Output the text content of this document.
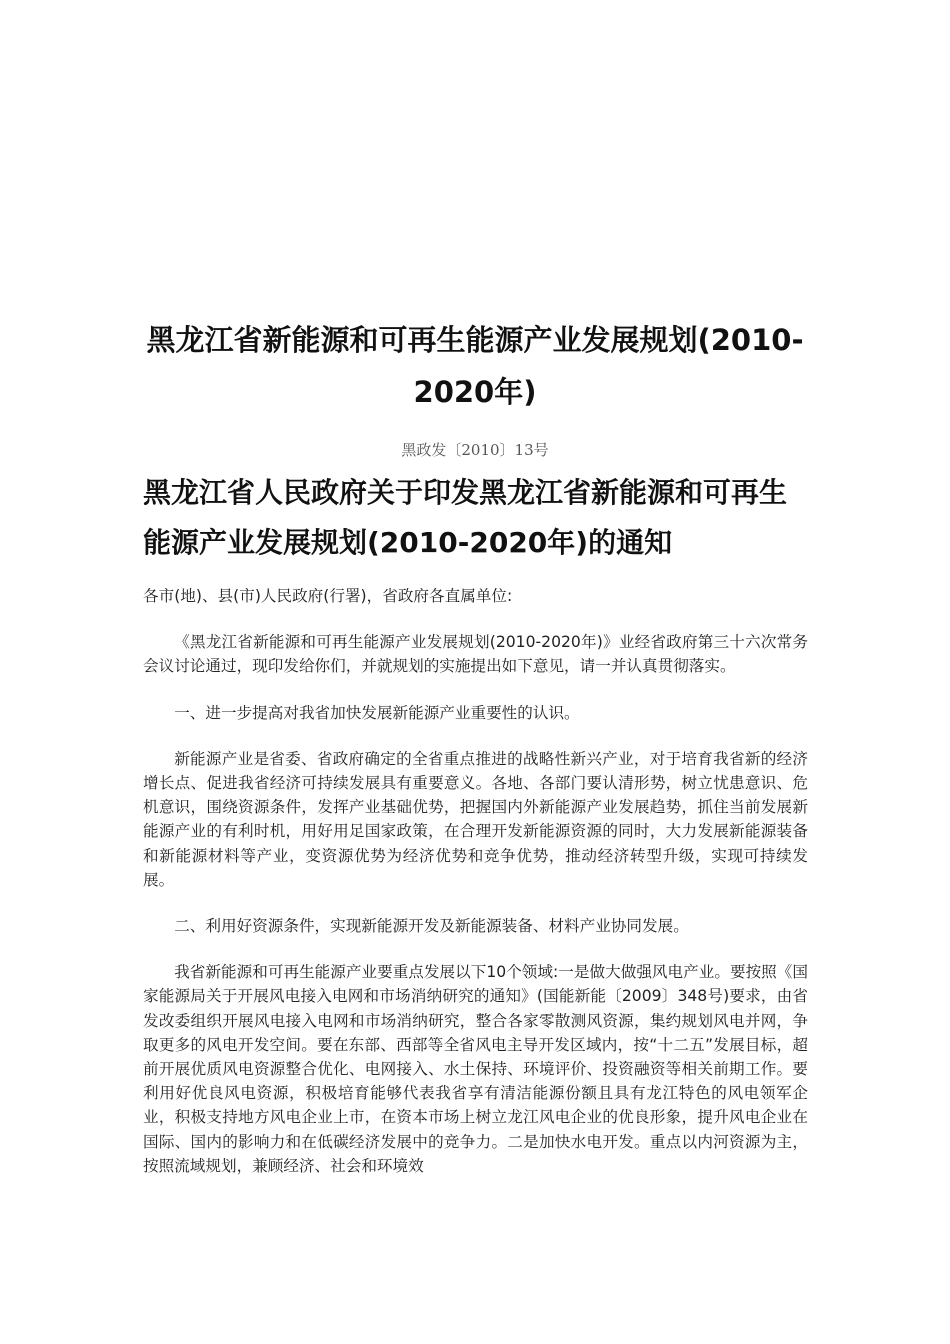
黑龙江省新能源和可再生能源产业发展规划(2010-2020年)
黑政发〔2010〕13号
黑龙江省人民政府关于印发黑龙江省新能源和可再生能源产业发展规划(2010-2020年)的通知

各市(地)、县(市)人民政府(行署)，省政府各直属单位:

《黑龙江省新能源和可再生能源产业发展规划(2010-2020年)》业经省政府第三十六次常务会议讨论通过，现印发给你们，并就规划的实施提出如下意见，请一并认真贯彻落实。

一、进一步提高对我省加快发展新能源产业重要性的认识。

新能源产业是省委、省政府确定的全省重点推进的战略性新兴产业，对于培育我省新的经济增长点、促进我省经济可持续发展具有重要意义。各地、各部门要认清形势，树立忧患意识、危机意识，围绕资源条件，发挥产业基础优势，把握国内外新能源产业发展趋势，抓住当前发展新能源产业的有利时机，用好用足国家政策，在合理开发新能源资源的同时，大力发展新能源装备和新能源材料等产业，变资源优势为经济优势和竞争优势，推动经济转型升级，实现可持续发展。

二、利用好资源条件，实现新能源开发及新能源装备、材料产业协同发展。

我省新能源和可再生能源产业要重点发展以下10个领域:一是做大做强风电产业。要按照《国家能源局关于开展风电接入电网和市场消纳研究的通知》(国能新能〔2009〕348号)要求，由省发改委组织开展风电接入电网和市场消纳研究，整合各家零散测风资源，集约规划风电并网，争取更多的风电开发空间。要在东部、西部等全省风电主导开发区域内，按“十二五”发展目标，超前开展优质风电资源整合优化、电网接入、水土保持、环境评价、投资融资等相关前期工作。要利用好优良风电资源，积极培育能够代表我省享有清洁能源份额且具有龙江特色的风电领军企业，积极支持地方风电企业上市，在资本市场上树立龙江风电企业的优良形象，提升风电企业在国际、国内的影响力和在低碳经济发展中的竞争力。二是加快水电开发。重点以内河资源为主，按照流域规划，兼顾经济、社会和环境效
